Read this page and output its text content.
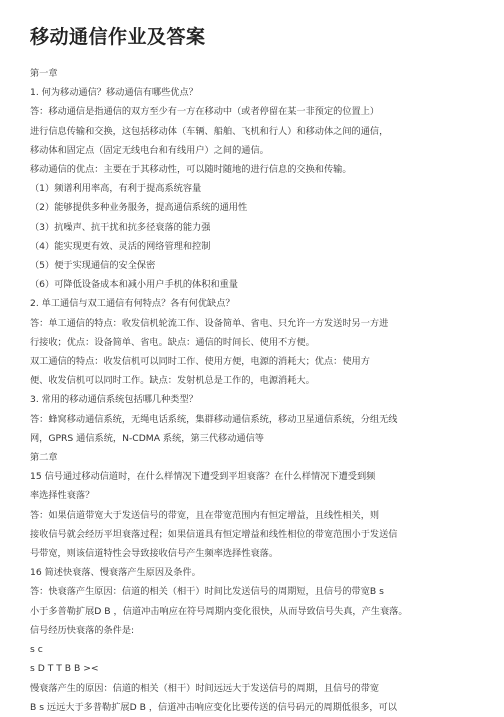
移动通信作业及答案
第一章
1. 何为移动通信？移动通信有哪些优点？
答：移动通信是指通信的双方至少有一方在移动中（或者停留在某一非预定的位置上）
进行信息传输和交换，这包括移动体（车辆、船舶、飞机和行人）和移动体之间的通信，
移动体和固定点（固定无线电台和有线用户）之间的通信。
移动通信的优点：主要在于其移动性，可以随时随地的进行信息的交换和传输。
（1）频谱利用率高，有利于提高系统容量
（2）能够提供多种业务服务，提高通信系统的通用性
（3）抗噪声、抗干扰和抗多径衰落的能力强
（4）能实现更有效、灵活的网络管理和控制
（5）便于实现通信的安全保密
（6）可降低设备成本和减小用户手机的体积和重量
2. 单工通信与双工通信有何特点？各有何优缺点？
答：单工通信的特点：收发信机轮流工作、设备简单、省电、只允许一方发送时另一方进
行接收；优点：设备简单、省电。缺点：通信的时间长、使用不方便。
双工通信的特点：收发信机可以同时工作、使用方便，电源的消耗大；优点：使用方
便、收发信机可以同时工作。缺点：发射机总是工作的，电源消耗大。
3. 常用的移动通信系统包括哪几种类型？
答：蜂窝移动通信系统，无绳电话系统，集群移动通信系统，移动卫星通信系统，分组无线
网，GPRS 通信系统，N-CDMA 系统，第三代移动通信等
第二章
15 信号通过移动信道时，在什么样情况下遭受到平坦衰落？在什么样情况下遭受到频
率选择性衰落？
答：如果信道带宽大于发送信号的带宽，且在带宽范围内有恒定增益，且线性相关，则
接收信号就会经历平坦衰落过程；如果信道具有恒定增益和线性相位的带宽范围小于发送信
号带宽，则该信道特性会导致接收信号产生频率选择性衰落。
16 简述快衰落、慢衰落产生原因及条件。
答：快衰落产生原因：信道的相关（相干）时间比发送信号的周期短，且信号的带宽B s
小于多普勒扩展D B ，信道冲击响应在符号周期内变化很快，从而导致信号失真，产生衰落。
信号经历快衰落的条件是:
s c
s D T T B B ><
慢衰落产生的原因：信道的相关（相干）时间远远大于发送信号的周期，且信号的带宽
B s 远远大于多普勒扩展D B ，信道冲击响应变化比要传送的信号码元的周期低很多，可以
